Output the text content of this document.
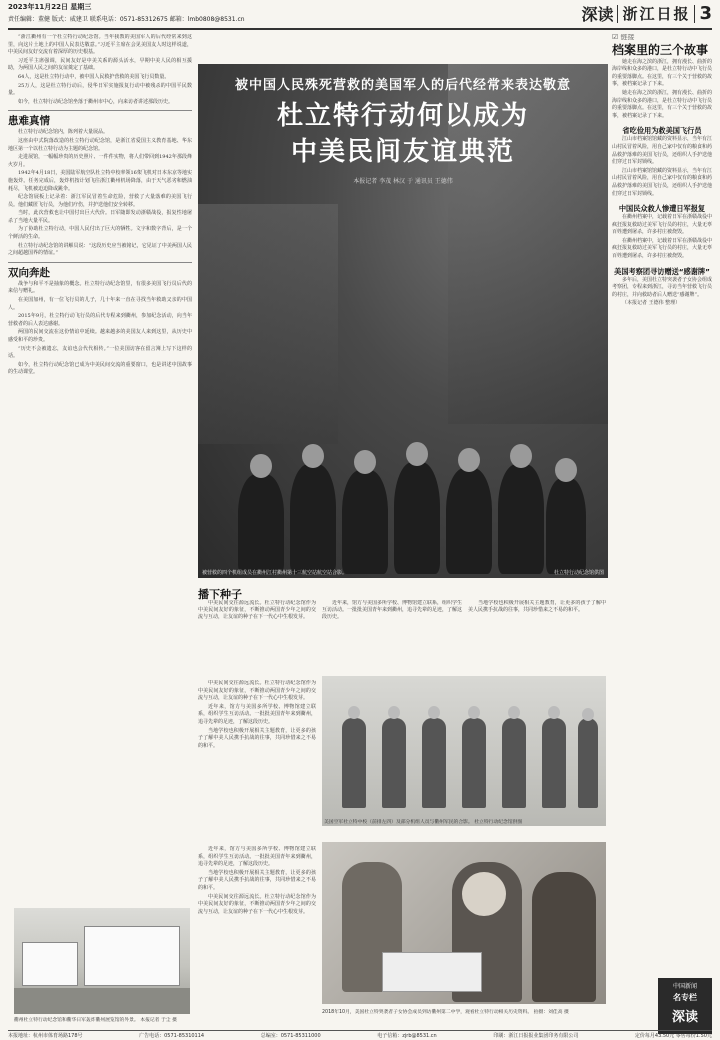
2023年11月22日 星期三
责任编辑：董健 版式：威建卫 联系电话：0571-85312675 邮箱：lmb0808@8531.cn	深读 浙江日报 3

“浙江衢州有一个杜立特行动纪念馆。当年我教的美国军人的后代经常来到这里，向这片土地上的中国人民表达敬意。”习近平主席在会见美国友人时这样说道，中美民间友好交流有着深厚的历史根基。

习近平主席强调，民间友好是中美关系的源头活水，早期中美人民的相互援助，为两国人民之间的友谊奠定了基础。

64人，这是杜立特行动中，被中国人民救护营救的美国飞行员数量。

25万人，这是杜立特行动后，侵华日军实施报复行动中被残杀的中国平民数量。

如今，杜立特行动纪念馆坐落于衢州市中心，向来访者讲述那段历史。

患难真情

杜立特行动纪念馆内，陈列着大量展品。

这座由中式院落改造的杜立特行动纪念馆，是浙江省爱国主义教育基地、华东地区第一个以杜立特行动为主题的纪念馆。

走进展馆，一幅幅珍贵的历史照片、一件件实物，将人们带回到1942年那段烽火岁月。

1942年4月18日，美国陆军航空队杜立特中校率领16架飞机对日本东京等地实施轰炸。任务完成后，轰炸机按计划飞往浙江衢州机场降落，由于天气恶劣和燃油耗尽，飞机被迫迫降或跳伞。

纪念馆展板上记录着：浙江军民冒着生命危险，营救了大量落难的美国飞行员。他们藏匿飞行员，为他们疗伤，并护送他们安全转移。

当时，此次营救也让中国付出巨大代价。日军随即发动浙赣战役，报复性地屠杀了当地大量平民。

为了协助杜立特行动，中国人民付出了巨大的牺牲。文字和数字背后，是一个个鲜活的生命。

杜立特行动纪念馆的讲解员说：“这段历史应当被铭记，它见证了中美两国人民之间超越国界的情谊。”

双向奔赴

战争与和平不是抽象的概念。杜立特行动纪念馆里，有很多美国飞行员后代的来信与赠礼。

在美国加州，有一位飞行员的儿子，几十年来一直在寻找当年救助父亲的中国人。

2015年9月，杜立特行动飞行员的后代专程来到衢州，参加纪念活动，向当年营救者的后人表达感谢。

两国的民间交流在这份情谊中延续。越来越多的美国友人来到这里，从历史中感受和平的珍贵。

“历史不会被遗忘，友谊也会代代相传。”一位美国访客在留言簿上写下这样的话。

如今，杜立特行动纪念馆已成为中美民间交流的重要窗口，也是讲述中国故事的生动课堂。

衢州杜立特行动纪念馆和衢华日军轰炸衢州展览馆的外景。 本报记者 于尘 摄
被中国人民殊死营救的美国军人的后代经常来表达敬意
杜立特行动何以成为
中美民间友谊典范
本报记者 李茂 林汉 于 通讯员 王德伟
被营救的四个机组成员在衢州江村衢州第十三航空站航空站合影。	杜立特行动纪念馆供图
播下种子

中美民间交往源远流长。杜立特行动纪念馆作为中美民间友好的象征，不断推动两国青少年之间的交流与互动，让友谊的种子在下一代心中生根发芽。

近年来，馆方与美国多所学校、博物馆建立联系，组织学生互访活动。一批批美国青年来到衢州，追寻先辈的足迹，了解这段历史。

当地学校也积极开展相关主题教育，让更多的孩子了解中美人民携手抗战的往事，共同珍惜来之不易的和平。

中美民间交往源远流长。杜立特行动纪念馆作为中美民间友好的象征，不断推动两国青少年之间的交流与互动，让友谊的种子在下一代心中生根发芽。

近年来，馆方与美国多所学校、博物馆建立联系，组织学生互访活动。一批批美国青年来到衢州，追寻先辈的足迹，了解这段历史。

当地学校也积极开展相关主题教育，让更多的孩子了解中美人民携手抗战的往事，共同珍惜来之不易的和平。

近年来，馆方与美国多所学校、博物馆建立联系，组织学生互访活动。一批批美国青年来到衢州，追寻先辈的足迹，了解这段历史。

当地学校也积极开展相关主题教育，让更多的孩子了解中美人民携手抗战的往事，共同珍惜来之不易的和平。

中美民间交往源远流长。杜立特行动纪念馆作为中美民间友好的象征，不断推动两国青少年之间的交流与互动，让友谊的种子在下一代心中生根发芽。

美国空军杜立特中校（前排左四）及部分机组人员与衢州军民的合影。 杜立特行动纪念馆供图
2018年10月，美国杜立特突袭者子女协会成员到访衢州第二中学，观看杜立特行动相关历史资料。 拍摄：刘佳高 摄

☑ 链接

档案里的三个故事

她走在海之滨的浙江，拥有漫长、曲折的海岸线和众多的港口，是杜立特行动中飞行员的重要落脚点。在这里，有三个关于营救的故事，被档案记录了下来。

她走在海之滨的浙江，拥有漫长、曲折的海岸线和众多的港口，是杜立特行动中飞行员的重要落脚点。在这里，有三个关于营救的故事，被档案记录了下来。

省吃俭用为救美国飞行员

江山市档案馆馆藏的资料显示，当年有江山村民冒着风险，用自己家中仅有的粮食和药品救护落难的美国飞行员，还组织人手护送他们穿过日军封锁线。

江山市档案馆馆藏的资料显示，当年有江山村民冒着风险，用自己家中仅有的粮食和药品救护落难的美国飞行员，还组织人手护送他们穿过日军封锁线。

中国民众救人惨遭日军报复

在衢州档案中，记载着日军在浙赣战役中疯狂报复救助过美军飞行员的村庄，大量无辜百姓遭到屠杀，许多村庄被烧毁。

在衢州档案中，记载着日军在浙赣战役中疯狂报复救助过美军飞行员的村庄，大量无辜百姓遭到屠杀，许多村庄被烧毁。

美国考察团寻访赠送“感谢牌”

多年后，美国杜立特突袭者子女协会组成考察团，专程来到浙江，寻访当年营救飞行员的村庄，并向救助者后人赠送“感谢牌”。

（本报记者 王德伟 整理）

中国新闻
名专栏
深读
本报地址：杭州市体育场路178号	广告电话：0571-85310114	总编室：0571-85311000	电子信箱：zjrb@8531.cn	印刷：浙江日报报业集团印务有限公司	定价每月43.50元 零售每份1.50元
